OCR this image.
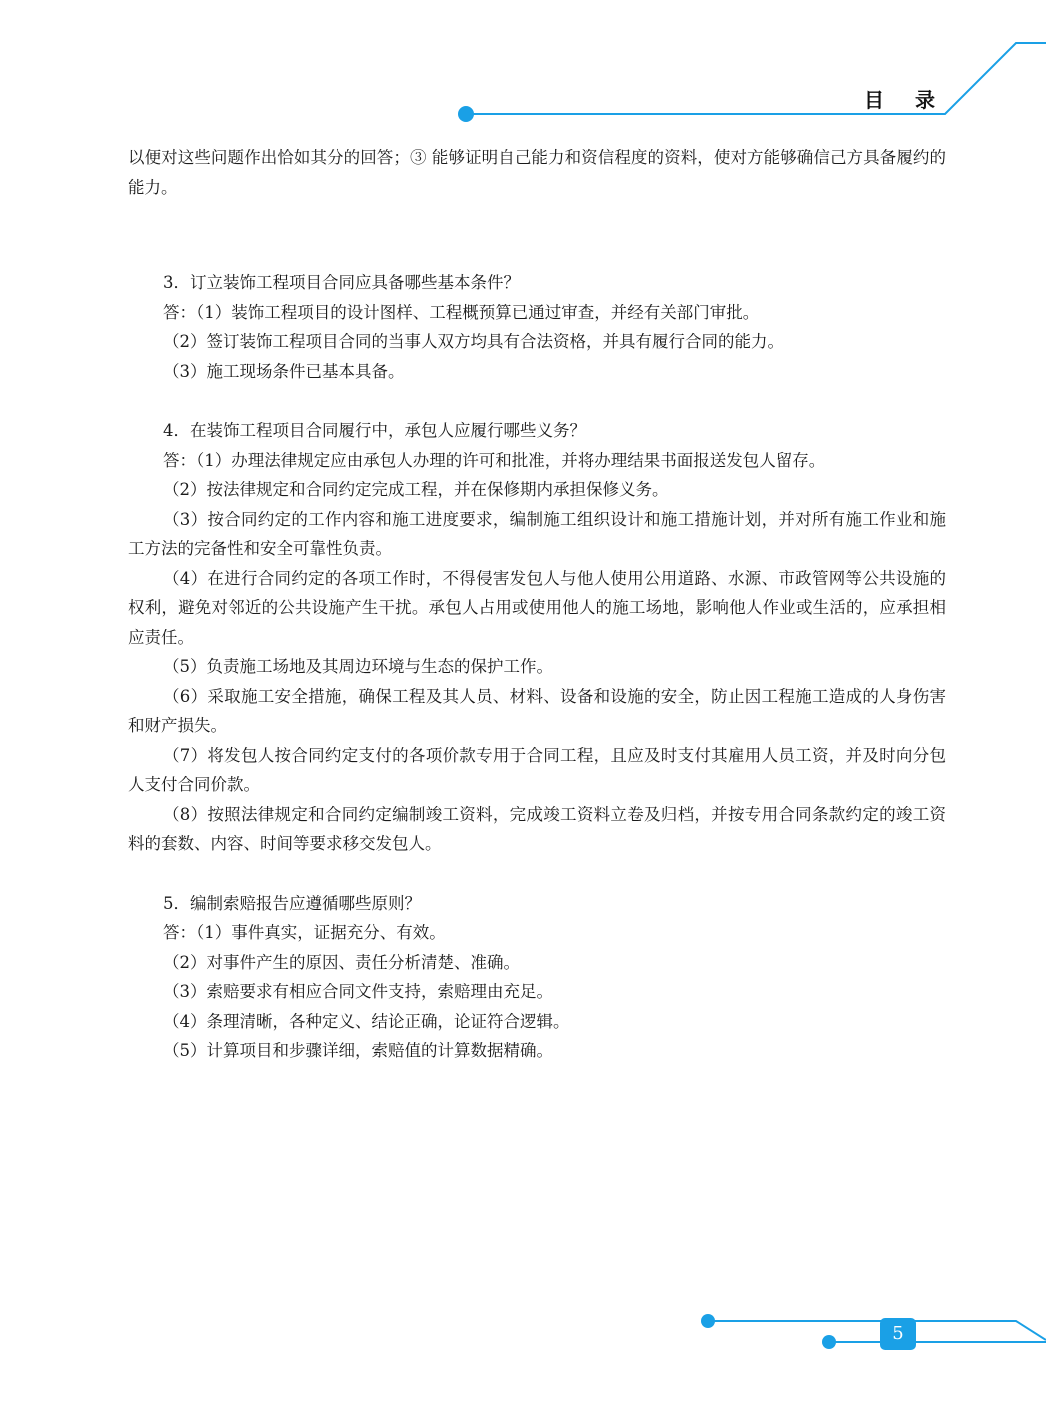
目 录

以便对这些问题作出恰如其分的回答；③ 能够证明自己能力和资信程度的资料，使对方能够确信己方具备履约的能力。

3．订立装饰工程项目合同应具备哪些基本条件？

答：（1）装饰工程项目的设计图样、工程概预算已通过审查，并经有关部门审批。

（2）签订装饰工程项目合同的当事人双方均具有合法资格，并具有履行合同的能力。

（3）施工现场条件已基本具备。

4．在装饰工程项目合同履行中，承包人应履行哪些义务？

答：（1）办理法律规定应由承包人办理的许可和批准，并将办理结果书面报送发包人留存。

（2）按法律规定和合同约定完成工程，并在保修期内承担保修义务。

（3）按合同约定的工作内容和施工进度要求，编制施工组织设计和施工措施计划，并对所有施工作业和施工方法的完备性和安全可靠性负责。

（4）在进行合同约定的各项工作时，不得侵害发包人与他人使用公用道路、水源、市政管网等公共设施的权利，避免对邻近的公共设施产生干扰。承包人占用或使用他人的施工场地，影响他人作业或生活的，应承担相应责任。

（5）负责施工场地及其周边环境与生态的保护工作。

（6）采取施工安全措施，确保工程及其人员、材料、设备和设施的安全，防止因工程施工造成的人身伤害和财产损失。

（7）将发包人按合同约定支付的各项价款专用于合同工程，且应及时支付其雇用人员工资，并及时向分包人支付合同价款。

（8）按照法律规定和合同约定编制竣工资料，完成竣工资料立卷及归档，并按专用合同条款约定的竣工资料的套数、内容、时间等要求移交发包人。

5．编制索赔报告应遵循哪些原则？

答：（1）事件真实，证据充分、有效。

（2）对事件产生的原因、责任分析清楚、准确。

（3）索赔要求有相应合同文件支持，索赔理由充足。

（4）条理清晰，各种定义、结论正确，论证符合逻辑。

（5）计算项目和步骤详细，索赔值的计算数据精确。

5
